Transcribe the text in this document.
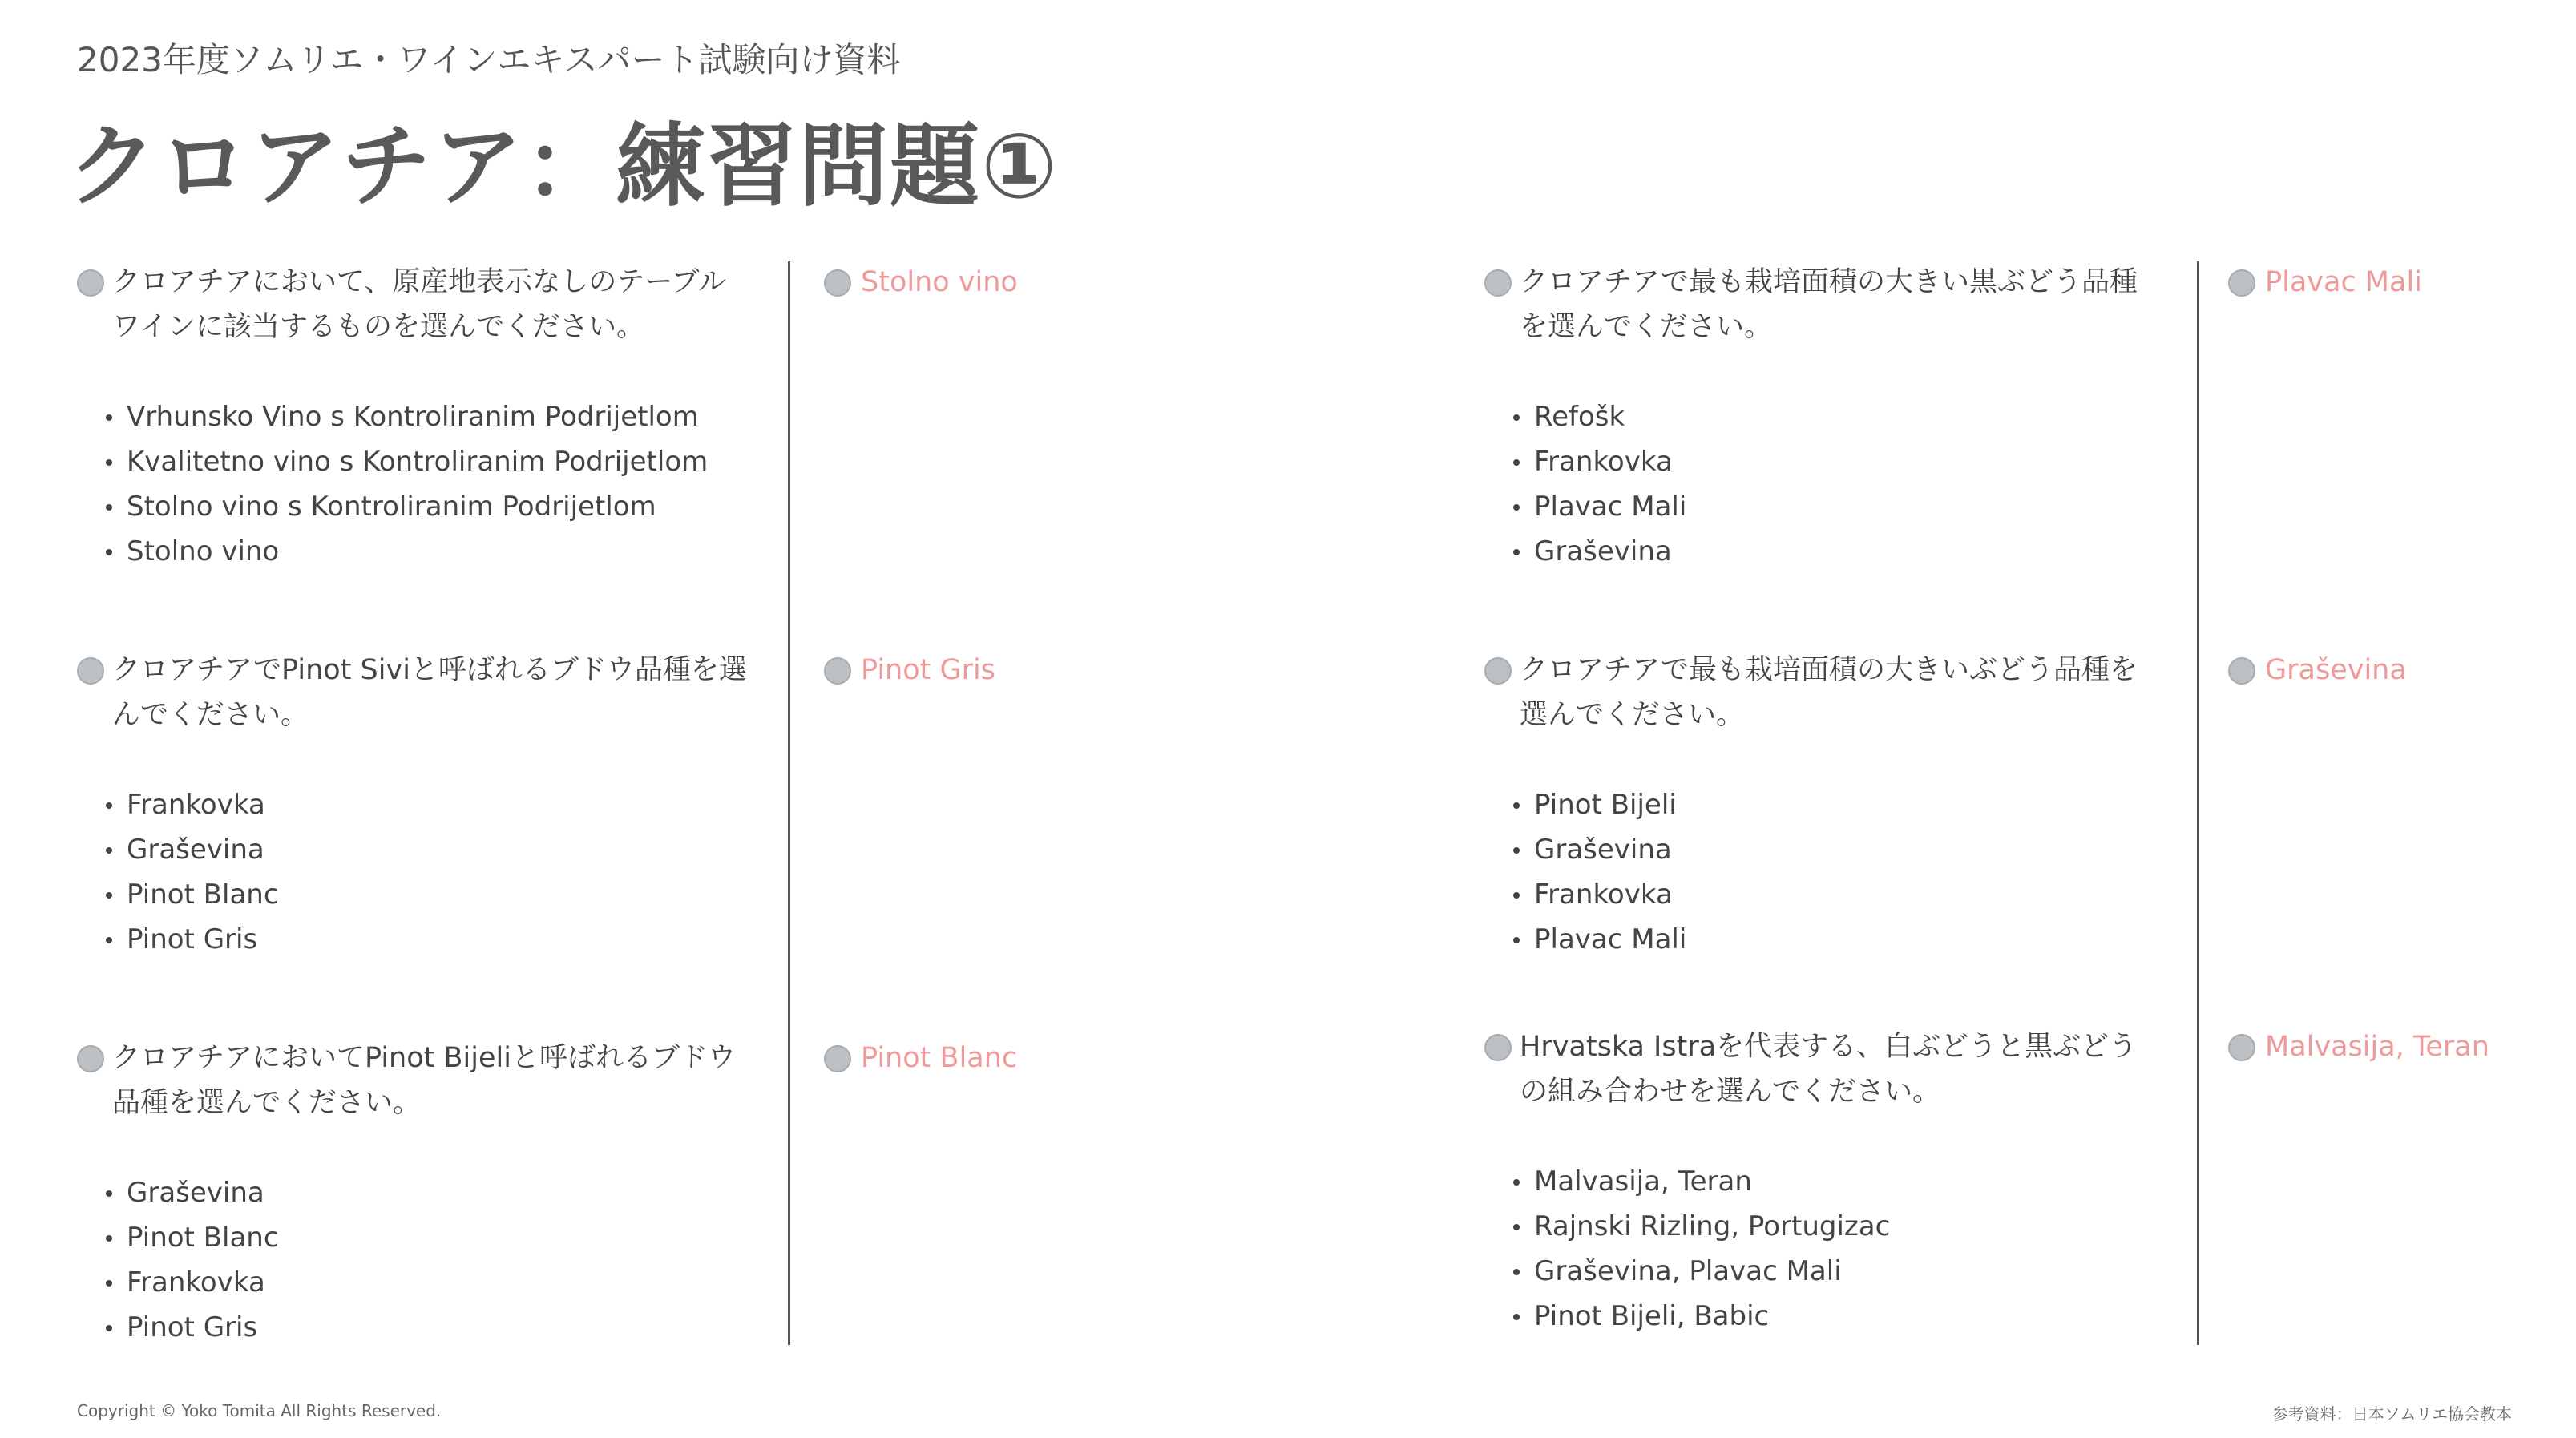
2023年度ソムリエ・ワインエキスパート試験向け資料
クロアチア：練習問題①
クロアチアにおいて、原産地表示なしのテーブルワインに該当するものを選んでください。
Vrhunsko Vino s Kontroliranim Podrijetlom
Kvalitetno vino s Kontroliranim Podrijetlom
Stolno vino s Kontroliranim Podrijetlom
Stolno vino
Stolno vino
クロアチアでPinot Siviと呼ばれるブドウ品種を選んでください。
Frankovka
Graševina
Pinot Blanc
Pinot Gris
Pinot Gris
クロアチアにおいてPinot Bijeliと呼ばれるブドウ品種を選んでください。
Graševina
Pinot Blanc
Frankovka
Pinot Gris
Pinot Blanc
クロアチアで最も栽培面積の大きい黒ぶどう品種を選んでください。
Refošk
Frankovka
Plavac Mali
Graševina
Plavac Mali
クロアチアで最も栽培面積の大きいぶどう品種を選んでください。
Pinot Bijeli
Graševina
Frankovka
Plavac Mali
Graševina
Hrvatska Istraを代表する、白ぶどうと黒ぶどうの組み合わせを選んでください。
Malvasija, Teran
Rajnski Rizling, Portugizac
Graševina, Plavac Mali
Pinot Bijeli, Babic
Malvasija, Teran
Copyright © Yoko Tomita All Rights Reserved.	参考資料：日本ソムリエ協会教本
